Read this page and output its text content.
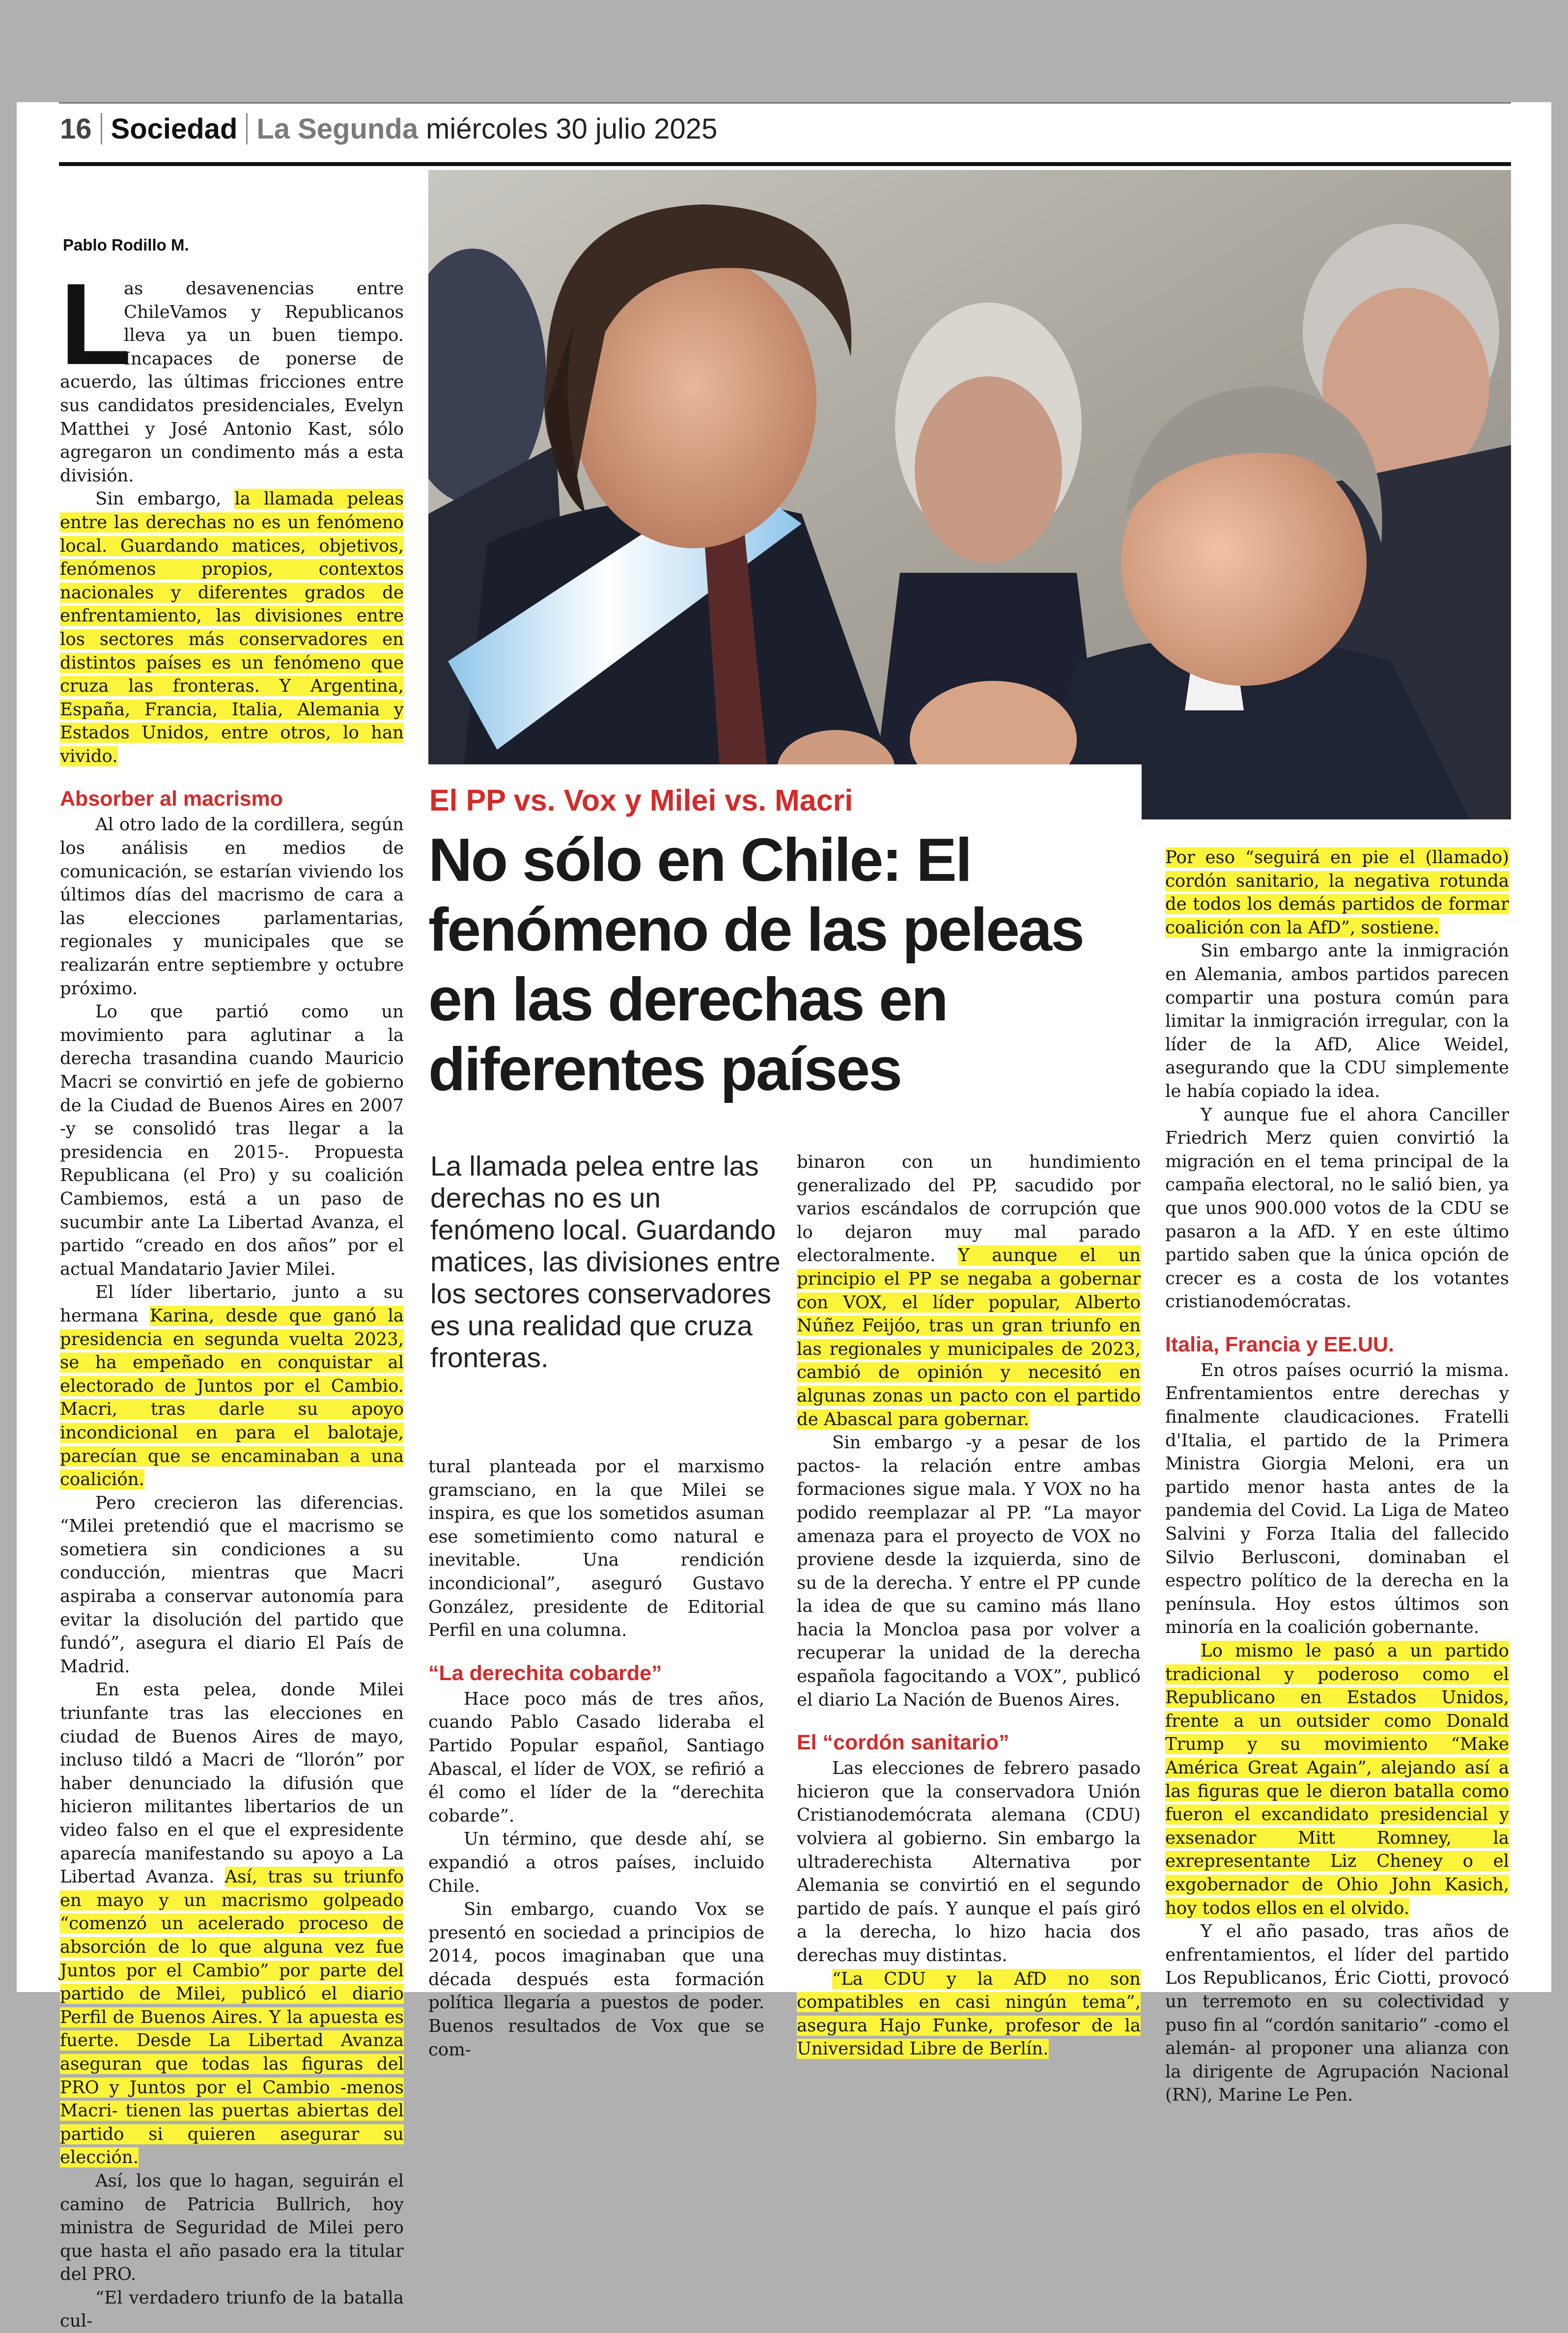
16 Sociedad La Segunda miércoles 30 julio 2025
El PP vs. Vox y Milei vs. Macri
No sólo en Chile: El fenómeno de las peleas en las derechas en diferentes países

La llamada pelea entre las derechas no es un fenómeno local. Guardando matices, las divisiones entre los sectores conservadores es una realidad que cruza fronteras.

Pablo Rodillo M.
L

as desavenencias entre ChileVamos y Republicanos lleva ya un buen tiempo. Incapaces de ponerse de acuerdo, las últimas fricciones entre sus candidatos presidenciales, Evelyn Matthei y José Antonio Kast, sólo agregaron un condimento más a esta división.

Sin embargo, la llamada peleas entre las derechas no es un fenómeno local. Guardando matices, objetivos, fenómenos propios, contextos nacionales y diferentes grados de enfrentamiento, las divisiones entre los sectores más conservadores en distintos países es un fenómeno que cruza las fronteras. Y Argentina, España, Francia, Italia, Alemania y Estados Unidos, entre otros, lo han vivido.

Absorber al macrismo

Al otro lado de la cordillera, según los análisis en medios de comunicación, se estarían viviendo los últimos días del macrismo de cara a las elecciones parlamentarias, regionales y municipales que se realizarán entre septiembre y octubre próximo.

Lo que partió como un movimiento para aglutinar a la derecha trasandina cuando Mauricio Macri se convirtió en jefe de gobierno de la Ciudad de Buenos Aires en 2007 -y se consolidó tras llegar a la presidencia en 2015-. Propuesta Republicana (el Pro) y su coalición Cambiemos, está a un paso de sucumbir ante La Libertad Avanza, el partido “creado en dos años” por el actual Mandatario Javier Milei.

El líder libertario, junto a su hermana Karina, desde que ganó la presidencia en segunda vuelta 2023, se ha empeñado en conquistar al electorado de Juntos por el Cambio. Macri, tras darle su apoyo incondicional en para el balotaje, parecían que se encaminaban a una coalición.

Pero crecieron las diferencias. “Milei pretendió que el macrismo se sometiera sin condiciones a su conducción, mientras que Macri aspiraba a conservar autonomía para evitar la disolución del partido que fundó”, asegura el diario El País de Madrid.

En esta pelea, donde Milei triunfante tras las elecciones en ciudad de Buenos Aires de mayo, incluso tildó a Macri de “llorón” por haber denunciado la difusión que hicieron militantes libertarios de un video falso en el que el expresidente aparecía manifestando su apoyo a La Libertad Avanza. Así, tras su triunfo en mayo y un macrismo golpeado “comenzó un acelerado proceso de absorción de lo que alguna vez fue Juntos por el Cambio” por parte del partido de Milei, publicó el diario Perfil de Buenos Aires. Y la apuesta es fuerte. Desde La Libertad Avanza aseguran que todas las figuras del PRO y Juntos por el Cambio -menos Macri- tienen las puertas abiertas del partido si quieren asegurar su elección.

Así, los que lo hagan, seguirán el camino de Patricia Bullrich, hoy ministra de Seguridad de Milei pero que hasta el año pasado era la titular del PRO.

“El verdadero triunfo de la batalla cul-

tural planteada por el marxismo gramsciano, en la que Milei se inspira, es que los sometidos asuman ese sometimiento como natural e inevitable. Una rendición incondicional”, aseguró Gustavo González, presidente de Editorial Perfil en una columna.

“La derechita cobarde”

Hace poco más de tres años, cuando Pablo Casado lideraba el Partido Popular español, Santiago Abascal, el líder de VOX, se refirió a él como el líder de la “derechita cobarde”.

Un término, que desde ahí, se expandió a otros países, incluido Chile.

Sin embargo, cuando Vox se presentó en sociedad a principios de 2014, pocos imaginaban que una década después esta formación política llegaría a puestos de poder. Buenos resultados de Vox que se com-

binaron con un hundimiento generalizado del PP, sacudido por varios escándalos de corrupción que lo dejaron muy mal parado electoralmente. Y aunque el un principio el PP se negaba a gobernar con VOX, el líder popular, Alberto Núñez Feijóo, tras un gran triunfo en las regionales y municipales de 2023, cambió de opinión y necesitó en algunas zonas un pacto con el partido de Abascal para gobernar.

Sin embargo -y a pesar de los pactos- la relación entre ambas formaciones sigue mala. Y VOX no ha podido reemplazar al PP. “La mayor amenaza para el proyecto de VOX no proviene desde la izquierda, sino de su de la derecha. Y entre el PP cunde la idea de que su camino más llano hacia la Moncloa pasa por volver a recuperar la unidad de la derecha española fagocitando a VOX”, publicó el diario La Nación de Buenos Aires.

El “cordón sanitario”

Las elecciones de febrero pasado hicieron que la conservadora Unión Cristianodemócrata alemana (CDU) volviera al gobierno. Sin embargo la ultraderechista Alternativa por Alemania se convirtió en el segundo partido de país. Y aunque el país giró a la derecha, lo hizo hacia dos derechas muy distintas.

“La CDU y la AfD no son compatibles en casi ningún tema”, asegura Hajo Funke, profesor de la Universidad Libre de Berlín.

Por eso “seguirá en pie el (llamado) cordón sanitario, la negativa rotunda de todos los demás partidos de formar coalición con la AfD”, sostiene.

Sin embargo ante la inmigración en Alemania, ambos partidos parecen compartir una postura común para limitar la inmigración irregular, con la líder de la AfD, Alice Weidel, asegurando que la CDU simplemente le había copiado la idea.

Y aunque fue el ahora Canciller Friedrich Merz quien convirtió la migración en el tema principal de la campaña electoral, no le salió bien, ya que unos 900.000 votos de la CDU se pasaron a la AfD. Y en este último partido saben que la única opción de crecer es a costa de los votantes cristianodemócratas.

Italia, Francia y EE.UU.

En otros países ocurrió la misma. Enfrentamientos entre derechas y finalmente claudicaciones. Fratelli d'Italia, el partido de la Primera Ministra Giorgia Meloni, era un partido menor hasta antes de la pandemia del Covid. La Liga de Mateo Salvini y Forza Italia del fallecido Silvio Berlusconi, dominaban el espectro político de la derecha en la península. Hoy estos últimos son minoría en la coalición gobernante.

Lo mismo le pasó a un partido tradicional y poderoso como el Republicano en Estados Unidos, frente a un outsider como Donald Trump y su movimiento “Make América Great Again”, alejando así a las figuras que le dieron batalla como fueron el excandidato presidencial y exsenador Mitt Romney, la exrepresentante Liz Cheney o el exgobernador de Ohio John Kasich, hoy todos ellos en el olvido.

Y el año pasado, tras años de enfrentamientos, el líder del partido Los Republicanos, Éric Ciotti, provocó un terremoto en su colectividad y puso fin al “cordón sanitario” -como el alemán- al proponer una alianza con la dirigente de Agrupación Nacional (RN), Marine Le Pen.
